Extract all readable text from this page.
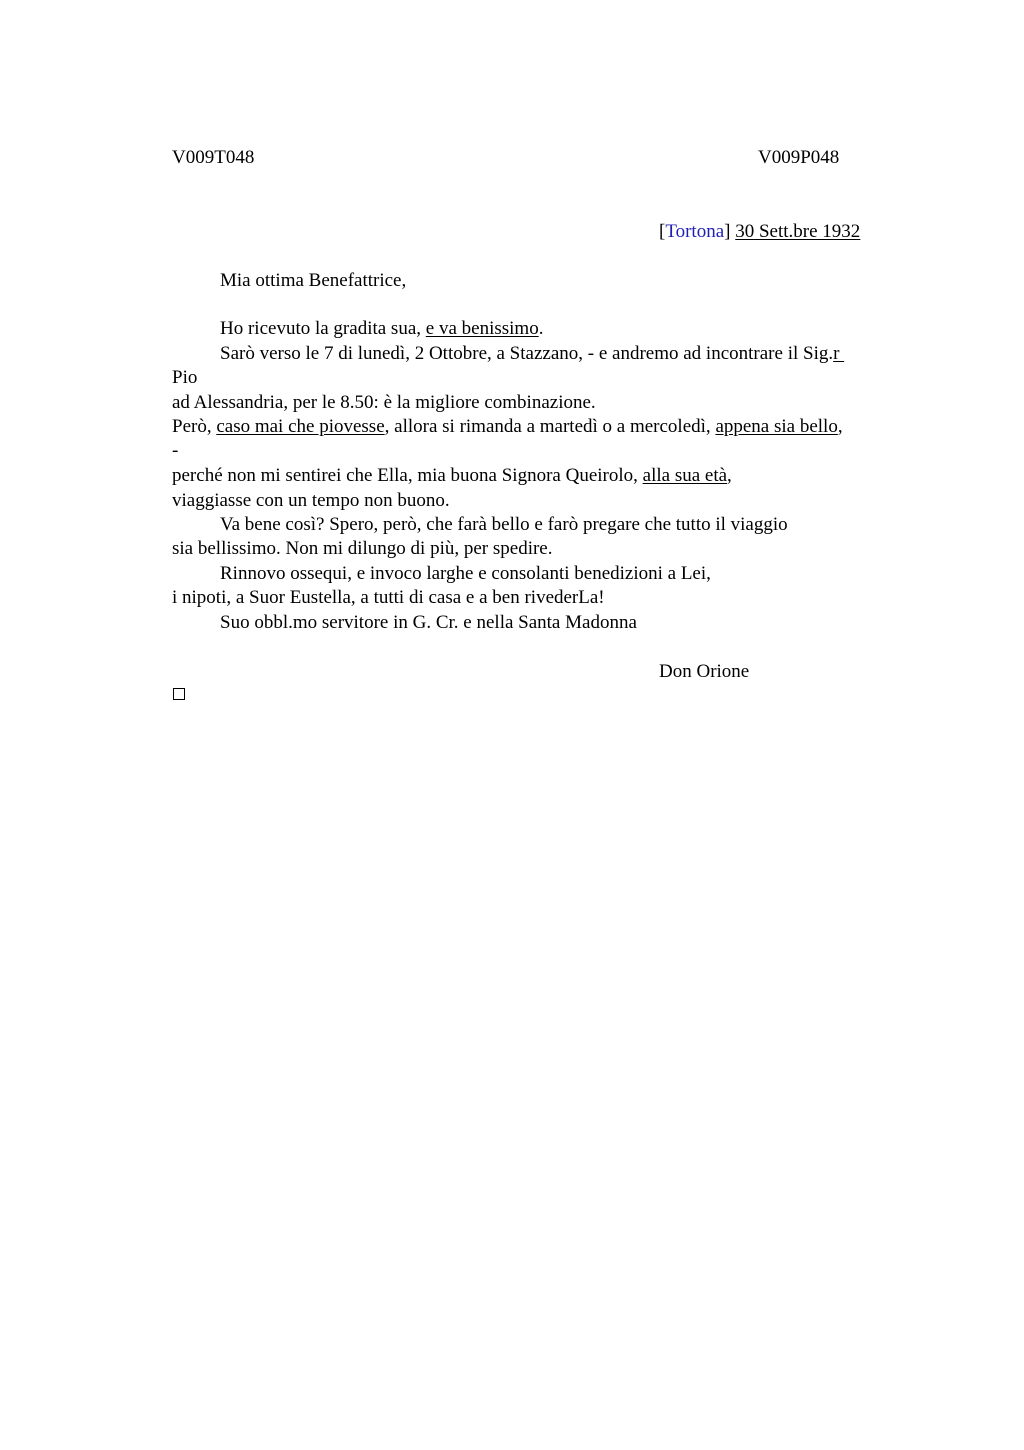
V009T048	V009P048
[Tortona] 30 Sett.bre 1932
Mia ottima Benefattrice,
Ho ricevuto la gradita sua, e va benissimo.
Sarò verso le 7 di lunedì, 2 Ottobre, a Stazzano, - e andremo ad incontrare il Sig.r
Pio
ad Alessandria, per le 8.50: è la migliore combinazione.
Però, caso mai che piovesse, allora si rimanda a martedì o a mercoledì, appena sia bello,
-
perché non mi sentirei che Ella, mia buona Signora Queirolo, alla sua età,
viaggiasse con un tempo non buono.
Va bene così? Spero, però, che farà bello e farò pregare che tutto il viaggio
sia bellissimo. Non mi dilungo di più, per spedire.
Rinnovo ossequi, e invoco larghe e consolanti benedizioni a Lei,
i nipoti, a Suor Eustella, a tutti di casa e a ben rivederLa!
Suo obbl.mo servitore in G. Cr. e nella Santa Madonna
Don Orione
